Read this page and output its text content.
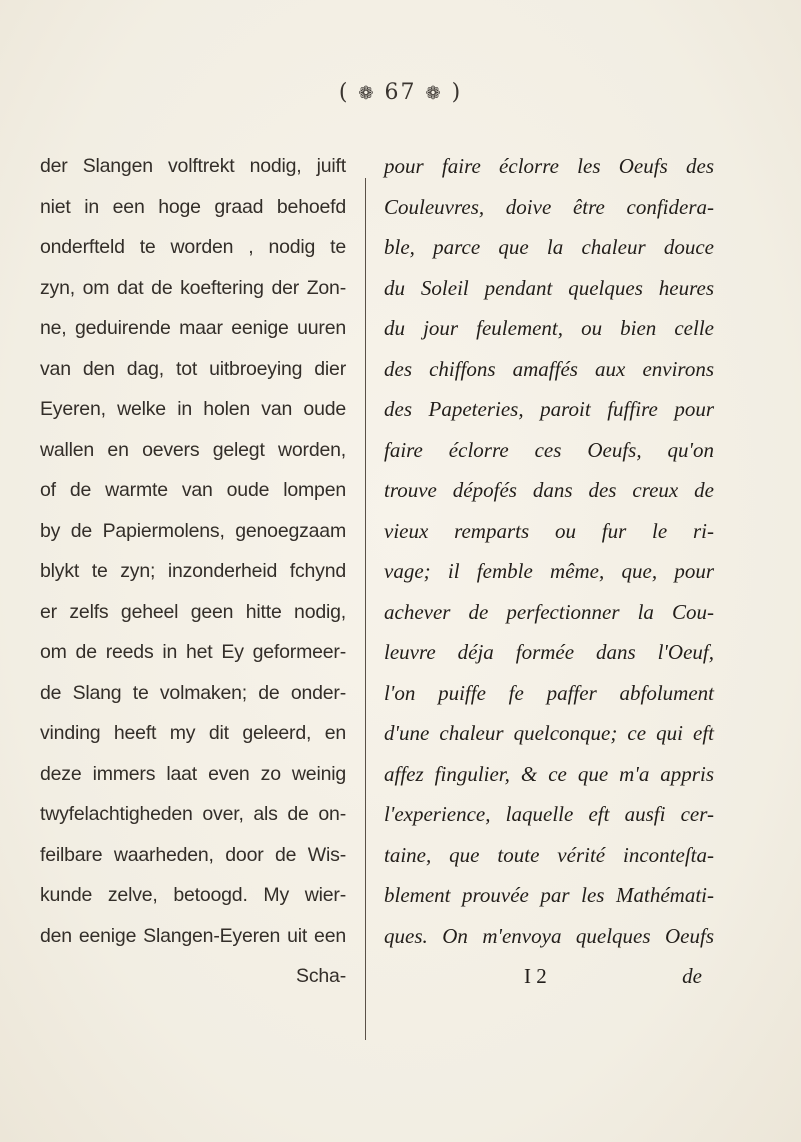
( ❁ 67 ❁ )
der Slangen volftrekt nodig, juift
niet in een hoge graad behoefd
onderfteld te worden , nodig te
zyn, om dat de koeftering der Zon-
ne, geduirende maar eenige uuren
van den dag, tot uitbroeying dier
Eyeren, welke in holen van oude
wallen en oevers gelegt worden,
of de warmte van oude lompen
by de Papiermolens, genoegzaam
blykt te zyn; inzonderheid fchynd
er zelfs geheel geen hitte nodig,
om de reeds in het Ey geformeer-
de Slang te volmaken; de onder-
vinding heeft my dit geleerd, en
deze immers laat even zo weinig
twyfelachtigheden over, als de on-
feilbare waarheden, door de Wis-
kunde zelve, betoogd. My wier-
den eenige Slangen-Eyeren uit een
Scha-
pour faire éclorre les Oeufs des
Couleuvres, doive être confidera-
ble, parce que la chaleur douce
du Soleil pendant quelques heures
du jour feulement, ou bien celle
des chiffons amaffés aux environs
des Papeteries, paroit fuffire pour
faire éclorre ces Oeufs, qu'on
trouve dépofés dans des creux de
vieux remparts ou fur le ri-
vage; il femble même, que, pour
achever de perfectionner la Cou-
leuvre déja formée dans l'Oeuf,
l'on puiffe fe paffer abfolument
d'une chaleur quelconque; ce qui eft
affez fingulier, & ce que m'a appris
l'experience, laquelle eft ausfi cer-
taine, que toute vérité inconteſta-
blement prouvée par les Mathémati-
ques. On m'envoya quelques Oeufs
I 2	de
